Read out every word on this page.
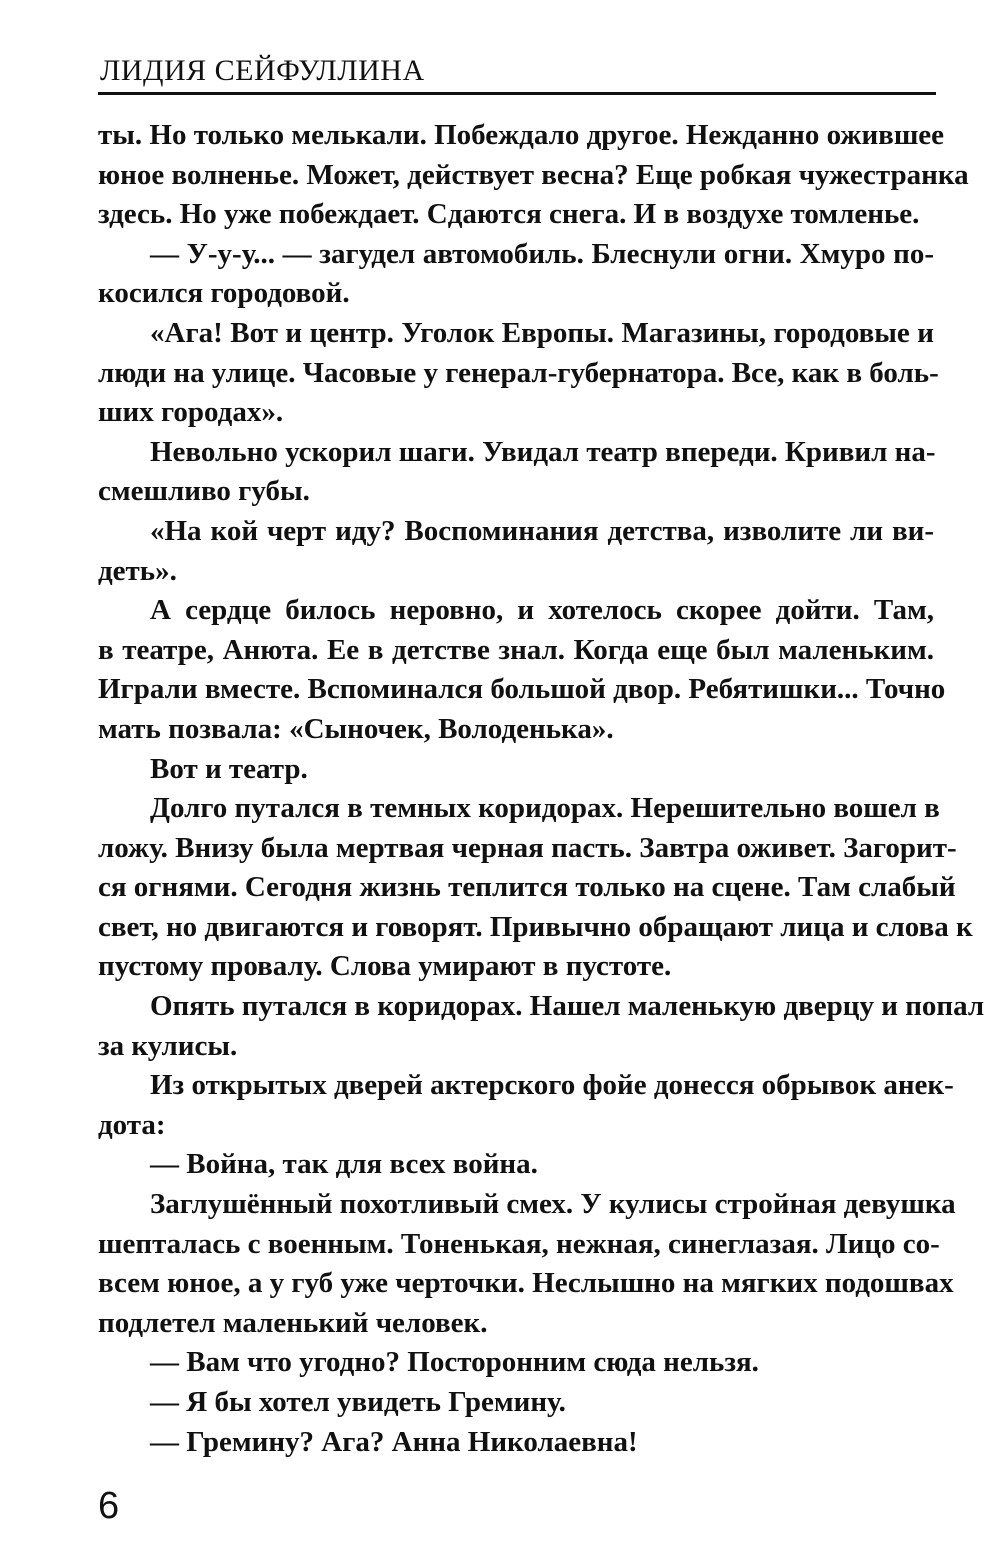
ЛИДИЯ СЕЙФУЛЛИНА
ты. Но только мелькали. Побеждало другое. Нежданно ожившее
юное волненье. Может, действует весна? Еще робкая чужестранка
здесь. Но уже побеждает. Сдаются снега. И в воздухе томленье.
— У-у-у... — загудел автомобиль. Блеснули огни. Хмуро по-
косился городовой.
«Ага! Вот и центр. Уголок Европы. Магазины, городовые и
люди на улице. Часовые у генерал-губернатора. Все, как в боль-
ших городах».
Невольно ускорил шаги. Увидал театр впереди. Кривил на-
смешливо губы.
«На кой черт иду? Воспоминания детства, изволите ли ви-
деть».
А сердце билось неровно, и хотелось скорее дойти. Там,
в театре, Анюта. Ее в детстве знал. Когда еще был маленьким.
Играли вместе. Вспоминался большой двор. Ребятишки... Точно
мать позвала: «Сыночек, Володенька».
Вот и театр.
Долго путался в темных коридорах. Нерешительно вошел в
ложу. Внизу была мертвая черная пасть. Завтра оживет. Загорит-
ся огнями. Сегодня жизнь теплится только на сцене. Там слабый
свет, но двигаются и говорят. Привычно обращают лица и слова к
пустому провалу. Слова умирают в пустоте.
Опять путался в коридорах. Нашел маленькую дверцу и попал
за кулисы.
Из открытых дверей актерского фойе донесся обрывок анек-
дота:
— Война, так для всех война.
Заглушённый похотливый смех. У кулисы стройная девушка
шепталась с военным. Тоненькая, нежная, синеглазая. Лицо со-
всем юное, а у губ уже черточки. Неслышно на мягких подошвах
подлетел маленький человек.
— Вам что угодно? Посторонним сюда нельзя.
— Я бы хотел увидеть Гремину.
— Гремину? Ага? Анна Николаевна!
6
